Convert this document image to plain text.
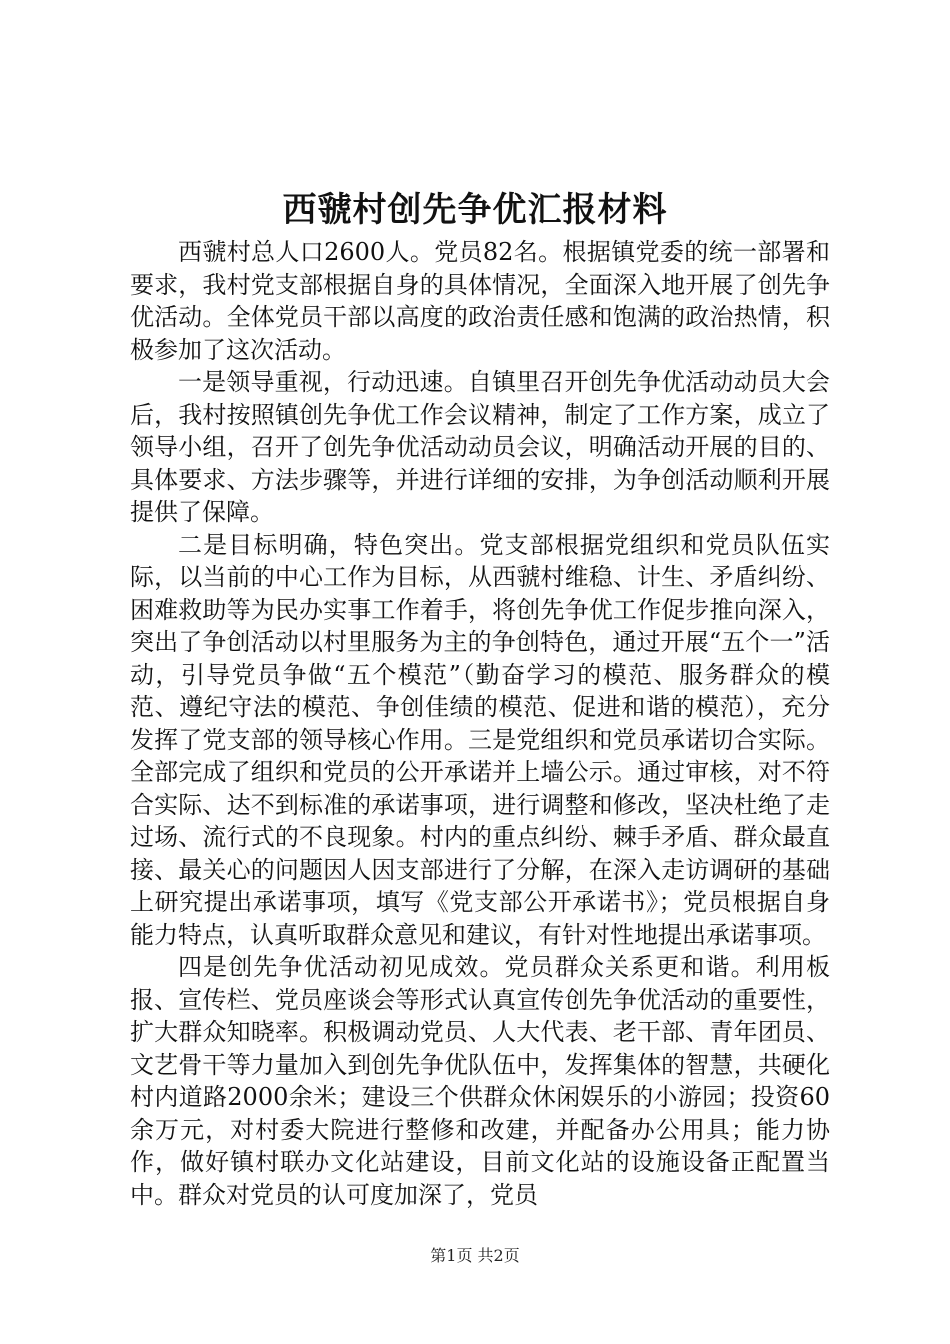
西虢村创先争优汇报材料

西虢村总人口2600人。党员82名。根据镇党委的统一部署和要求，我村党支部根据自身的具体情况，全面深入地开展了创先争优活动。全体党员干部以高度的政治责任感和饱满的政治热情，积极参加了这次活动。

一是领导重视，行动迅速。自镇里召开创先争优活动动员大会后，我村按照镇创先争优工作会议精神，制定了工作方案，成立了领导小组，召开了创先争优活动动员会议，明确活动开展的目的、具体要求、方法步骤等，并进行详细的安排，为争创活动顺利开展提供了保障。

二是目标明确，特色突出。党支部根据党组织和党员队伍实际，以当前的中心工作为目标，从西虢村维稳、计生、矛盾纠纷、困难救助等为民办实事工作着手，将创先争优工作促步推向深入，突出了争创活动以村里服务为主的争创特色，通过开展“五个一”活动，引导党员争做“五个模范”（勤奋学习的模范、服务群众的模范、遵纪守法的模范、争创佳绩的模范、促进和谐的模范），充分发挥了党支部的领导核心作用。三是党组织和党员承诺切合实际。全部完成了组织和党员的公开承诺并上墙公示。通过审核，对不符合实际、达不到标准的承诺事项，进行调整和修改，坚决杜绝了走过场、流行式的不良现象。村内的重点纠纷、棘手矛盾、群众最直接、最关心的问题因人因支部进行了分解，在深入走访调研的基础上研究提出承诺事项，填写《党支部公开承诺书》；党员根据自身能力特点，认真听取群众意见和建议，有针对性地提出承诺事项。

四是创先争优活动初见成效。党员群众关系更和谐。利用板报、宣传栏、党员座谈会等形式认真宣传创先争优活动的重要性，扩大群众知晓率。积极调动党员、人大代表、老干部、青年团员、文艺骨干等力量加入到创先争优队伍中，发挥集体的智慧，共硬化村内道路2000余米；建设三个供群众休闲娱乐的小游园；投资60余万元，对村委大院进行整修和改建，并配备办公用具；能力协作，做好镇村联办文化站建设，目前文化站的设施设备正配置当中。群众对党员的认可度加深了，党员

第1页 共2页
